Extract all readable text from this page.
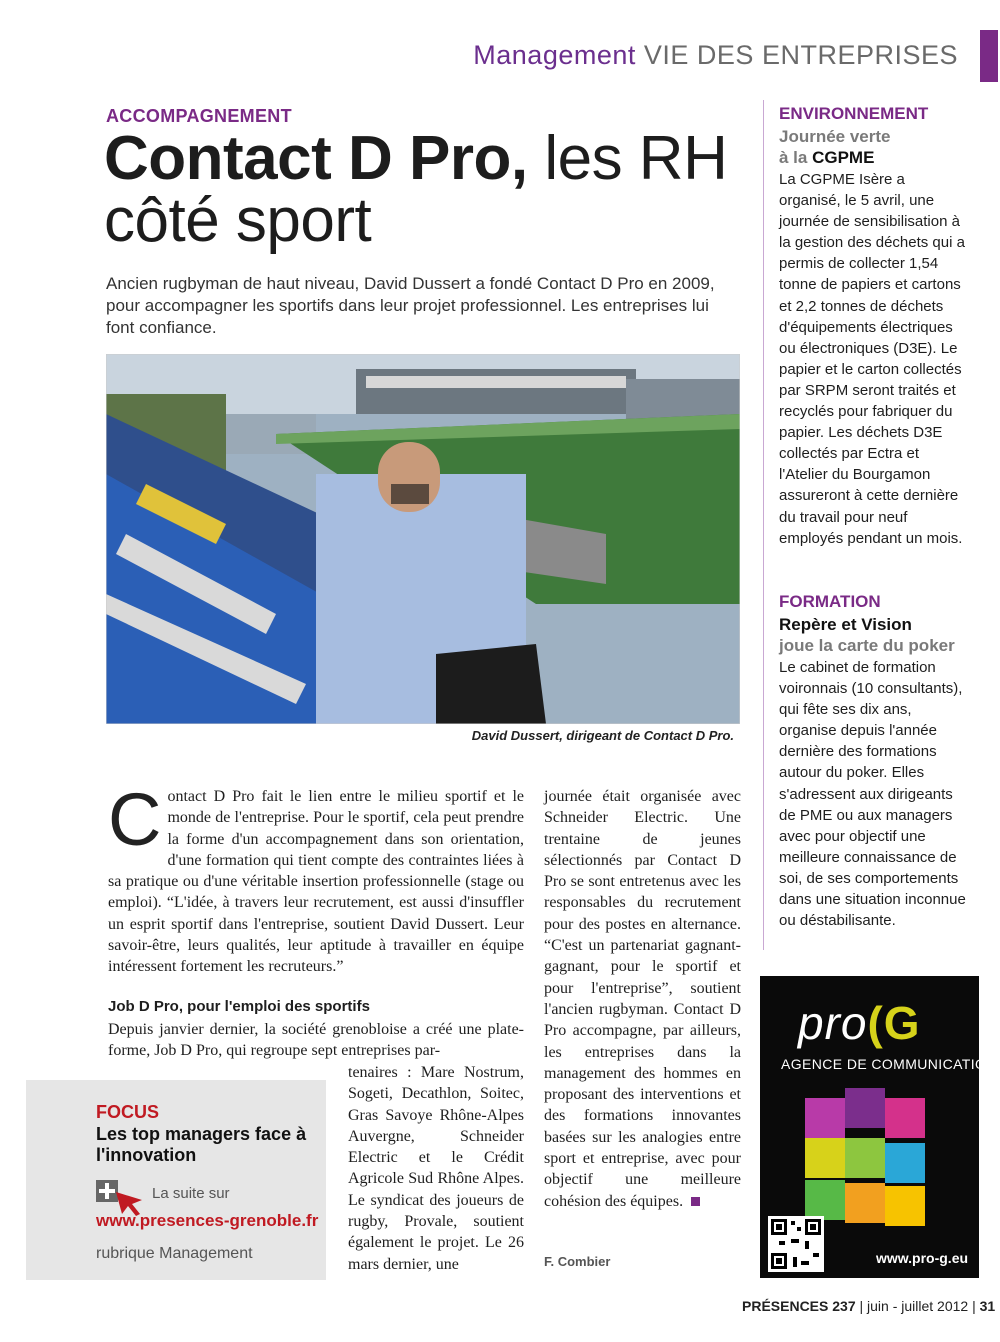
Management VIE DES ENTREPRISES
ACCOMPAGNEMENT
Contact D Pro, les RH
côté sport
Ancien rugbyman de haut niveau, David Dussert a fondé Contact D Pro en 2009, pour accompagner les sportifs dans leur projet professionnel. Les entreprises lui font confiance.
David Dussert, dirigeant de Contact D Pro.
Contact D Pro fait le lien entre le milieu sportif et le monde de l'entreprise. Pour le sportif, cela peut prendre la forme d'un accompagnement dans son orientation, d'une formation qui tient compte des contraintes liées à sa pratique ou d'une véritable insertion professionnelle (stage ou emploi). “L'idée, à travers leur recrutement, est aussi d'insuffler un esprit sportif dans l'entreprise, soutient David Dussert. Leur savoir-être, leurs qualités, leur aptitude à travailler en équipe intéressent fortement les recruteurs.”
Job D Pro, pour l'emploi des sportifs
Depuis janvier dernier, la société grenobloise a créé une plate-forme, Job D Pro, qui regroupe sept entreprises par-
tenaires : Mare Nostrum, Sogeti, Decathlon, Soitec, Gras Savoye Rhône-Alpes Auvergne, Schneider Electric et le Crédit Agricole Sud Rhône Alpes. Le syndicat des joueurs de rugby, Provale, soutient également le projet. Le 26 mars dernier, une
journée était organisée avec Schneider Electric. Une trentaine de jeunes sélectionnés par Contact D Pro se sont entretenus avec les responsables du recrutement pour des postes en alternance. “C'est un partenariat gagnant-gagnant, pour le sportif et pour l'entreprise”, soutient l'ancien rugbyman. Contact D Pro accompagne, par ailleurs, les entreprises dans la management des hommes en proposant des interventions et des formations innovantes basées sur les analogies entre sport et entreprise, avec pour objectif une meilleure cohésion des équipes.
F. Combier
FOCUS
Les top managers face à l'innovation
La suite sur
www.presences-grenoble.fr
rubrique Management
ENVIRONNEMENT
Journée verte
à la CGPME
La CGPME Isère a organisé, le 5 avril, une journée de sensibilisation à la gestion des déchets qui a permis de collecter 1,54 tonne de papiers et cartons et 2,2 tonnes de déchets d'équipements électriques ou électroniques (D3E). Le papier et le carton collectés par SRPM seront traités et recyclés pour fabriquer du papier. Les déchets D3E collectés par Ectra et l'Atelier du Bourgamon assureront à cette dernière du travail pour neuf employés pendant un mois.
FORMATION
Repère et Vision
joue la carte du poker
Le cabinet de formation voironnais (10 consultants), qui fête ses dix ans, organise depuis l'année dernière des formations autour du poker. Elles s'adressent aux dirigeants de PME ou aux managers avec pour objectif une meilleure connaissance de soi, de ses comportements dans une situation inconnue ou déstabilisante.
pro(G
AGENCE DE COMMUNICATION
www.pro-g.eu
PRÉSENCES 237 | juin - juillet 2012 | 31
